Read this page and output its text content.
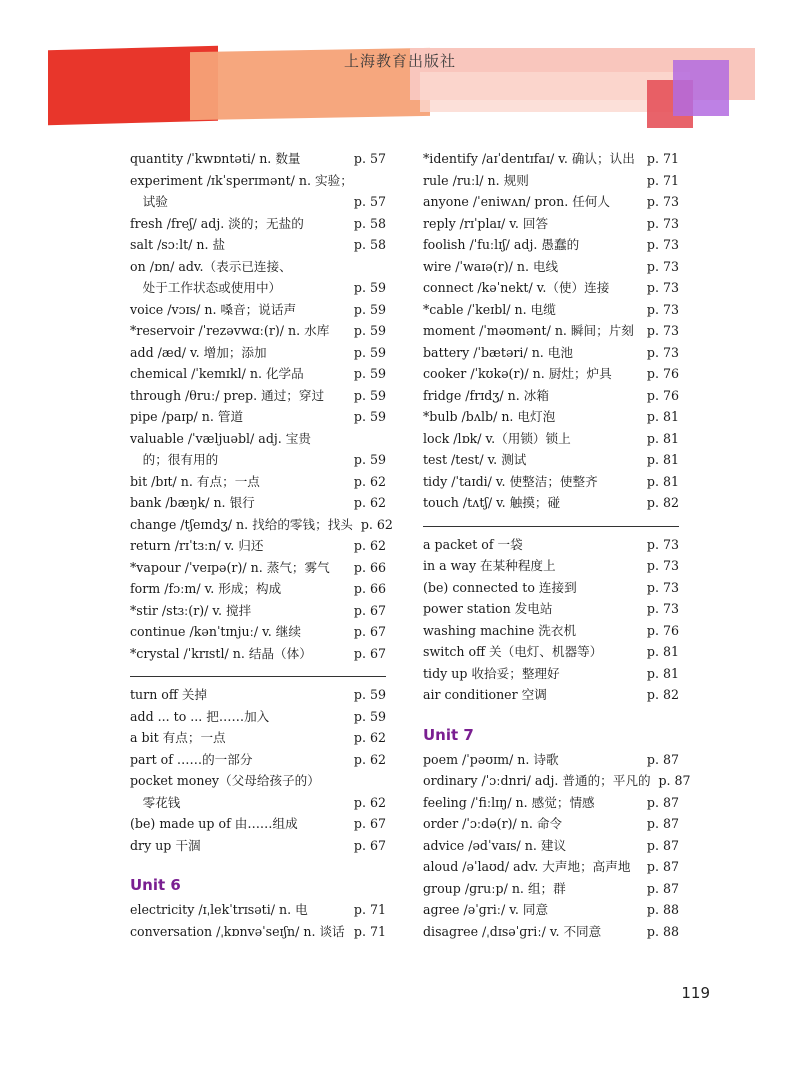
上海教育出版社
quantity /ˈkwɒntəti/ n. 数量	p. 57
experiment /ɪkˈsperɪmənt/ n. 实验；
　试验	p. 57
fresh /freʃ/ adj. 淡的；无盐的	p. 58
salt /sɔːlt/ n. 盐	p. 58
on /ɒn/ adv.（表示已连接、
　处于工作状态或使用中）	p. 59
voice /vɔɪs/ n. 嗓音；说话声	p. 59
*reservoir /ˈrezəvwɑː(r)/ n. 水库	p. 59
add /æd/ v. 增加；添加	p. 59
chemical /ˈkemɪkl/ n. 化学品	p. 59
through /θruː/ prep. 通过；穿过	p. 59
pipe /paɪp/ n. 管道	p. 59
valuable /ˈvæljuəbl/ adj. 宝贵
　的；很有用的	p. 59
bit /bɪt/ n. 有点；一点	p. 62
bank /bæŋk/ n. 银行	p. 62
change /tʃeɪndʒ/ n. 找给的零钱；找头 p. 62
return /rɪˈtɜːn/ v. 归还	p. 62
*vapour /ˈveɪpə(r)/ n. 蒸气；雾气	p. 66
form /fɔːm/ v. 形成；构成	p. 66
*stir /stɜː(r)/ v. 搅拌	p. 67
continue /kənˈtɪnjuː/ v. 继续	p. 67
*crystal /ˈkrɪstl/ n. 结晶（体）	p. 67
turn off 关掉	p. 59
add ... to ... 把……加入	p. 59
a bit 有点；一点	p. 62
part of ……的一部分	p. 62
pocket money（父母给孩子的）
　零花钱	p. 62
(be) made up of 由……组成	p. 67
dry up 干涸	p. 67
Unit 6
electricity /ɪˌlekˈtrɪsəti/ n. 电	p. 71
conversation /ˌkɒnvəˈseɪʃn/ n. 谈话 p. 71
*identify /aɪˈdentɪfaɪ/ v. 确认；认出 p. 71
rule /ruːl/ n. 规则	p. 71
anyone /ˈeniwʌn/ pron. 任何人	p. 73
reply /rɪˈplaɪ/ v. 回答	p. 73
foolish /ˈfuːlɪʃ/ adj. 愚蠢的	p. 73
wire /ˈwaɪə(r)/ n. 电线	p. 73
connect /kəˈnekt/ v.（使）连接	p. 73
*cable /ˈkeɪbl/ n. 电缆	p. 73
moment /ˈməʊmənt/ n. 瞬间；片刻	p. 73
battery /ˈbætəri/ n. 电池	p. 73
cooker /ˈkʊkə(r)/ n. 厨灶；炉具	p. 76
fridge /frɪdʒ/ n. 冰箱	p. 76
*bulb /bʌlb/ n. 电灯泡	p. 81
lock /lɒk/ v.（用锁）锁上	p. 81
test /test/ v. 测试	p. 81
tidy /ˈtaɪdi/ v. 使整洁；使整齐	p. 81
touch /tʌtʃ/ v. 触摸；碰	p. 82
a packet of 一袋	p. 73
in a way 在某种程度上	p. 73
(be) connected to 连接到	p. 73
power station 发电站	p. 73
washing machine 洗衣机	p. 76
switch off 关（电灯、机器等）	p. 81
tidy up 收拾妥；整理好	p. 81
air conditioner 空调	p. 82
Unit 7
poem /ˈpəʊɪm/ n. 诗歌	p. 87
ordinary /ˈɔːdnri/ adj. 普通的；平凡的 p. 87
feeling /ˈfiːlɪŋ/ n. 感觉；情感	p. 87
order /ˈɔːdə(r)/ n. 命令	p. 87
advice /ədˈvaɪs/ n. 建议	p. 87
aloud /əˈlaʊd/ adv. 大声地；高声地	p. 87
group /ɡruːp/ n. 组；群	p. 87
agree /əˈɡriː/ v. 同意	p. 88
disagree /ˌdɪsəˈɡriː/ v. 不同意	p. 88
119
